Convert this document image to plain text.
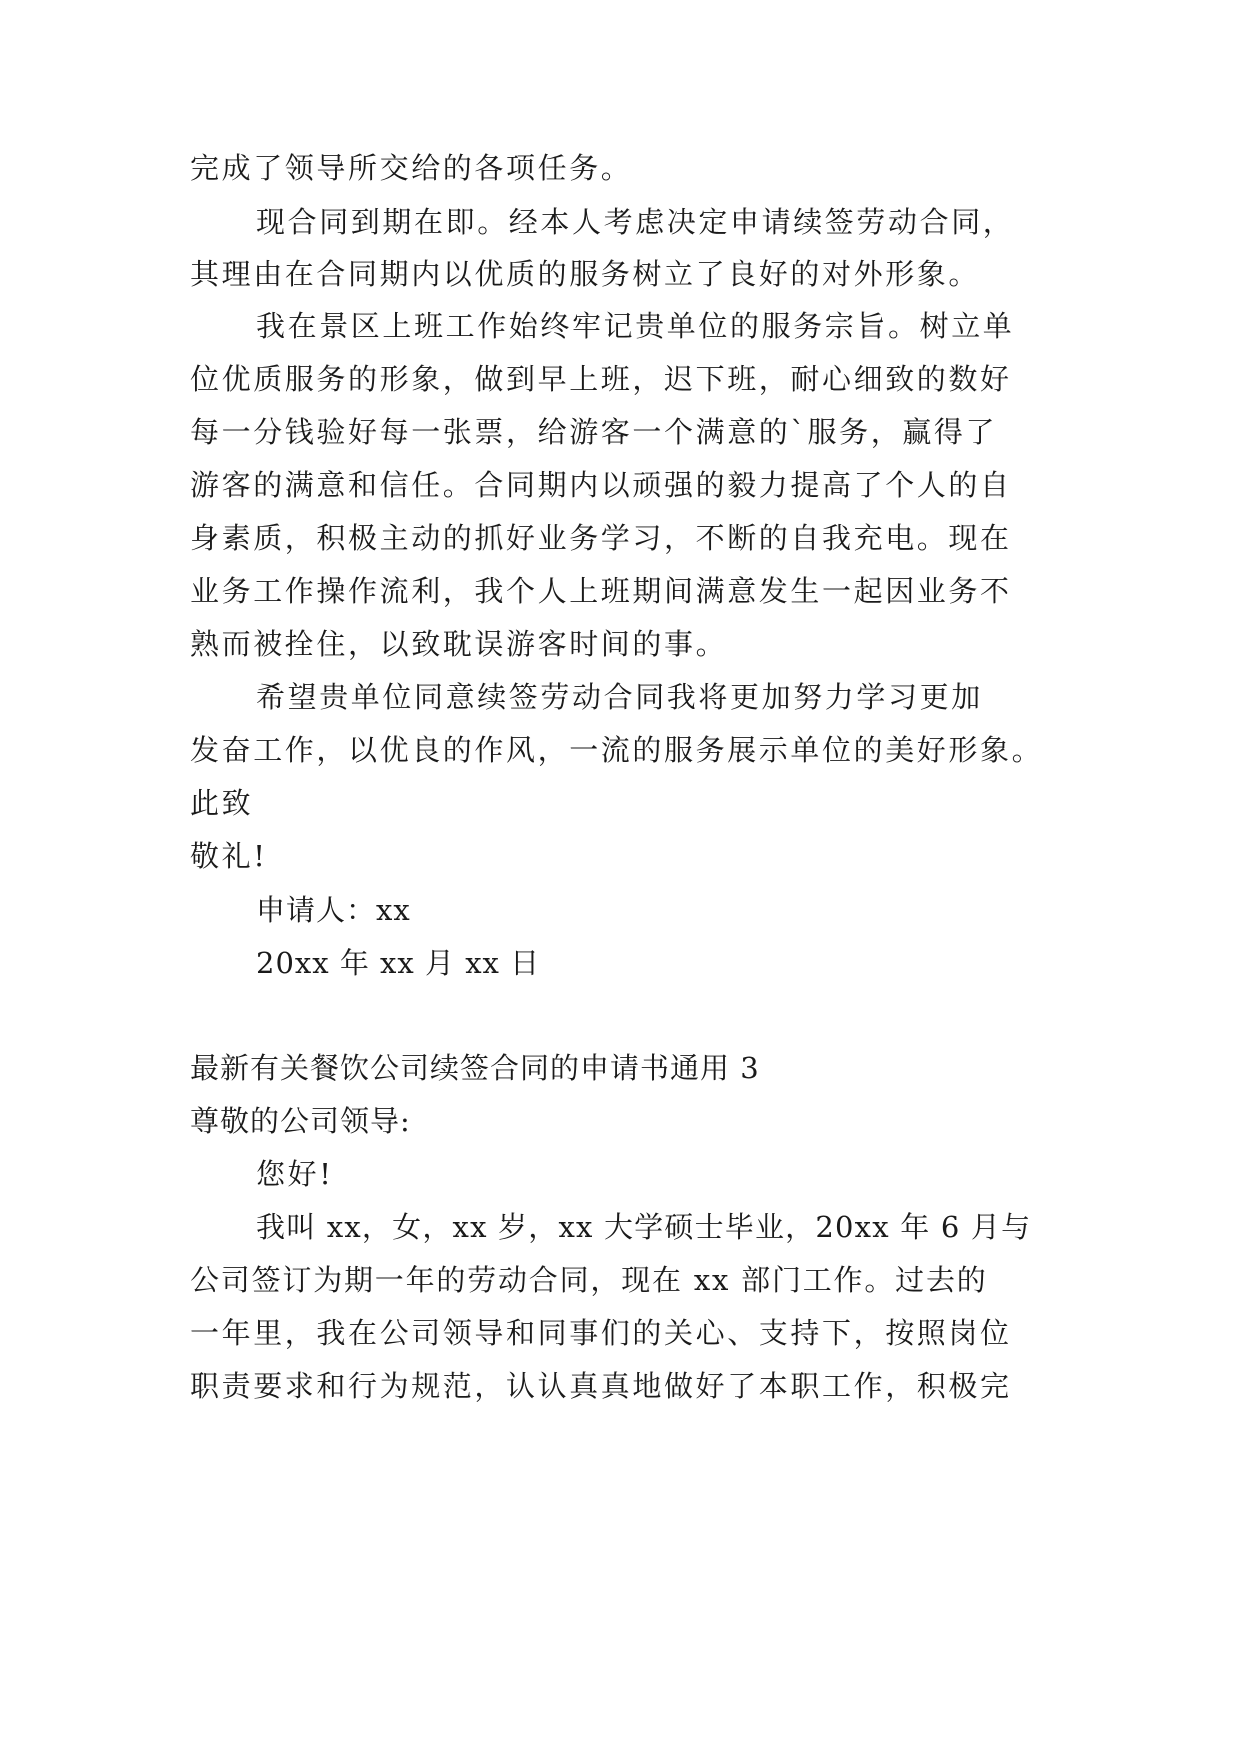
完成了领导所交给的各项任务。
现合同到期在即。经本人考虑决定申请续签劳动合同，
其理由在合同期内以优质的服务树立了良好的对外形象。
我在景区上班工作始终牢记贵单位的服务宗旨。树立单
位优质服务的形象，做到早上班，迟下班，耐心细致的数好
每一分钱验好每一张票，给游客一个满意的`服务，赢得了
游客的满意和信任。合同期内以顽强的毅力提高了个人的自
身素质，积极主动的抓好业务学习，不断的自我充电。现在
业务工作操作流利，我个人上班期间满意发生一起因业务不
熟而被拴住，以致耽误游客时间的事。
希望贵单位同意续签劳动合同我将更加努力学习更加
发奋工作，以优良的作风，一流的服务展示单位的美好形象。
此致
敬礼!
申请人：xx
20xx 年 xx 月 xx 日
最新有关餐饮公司续签合同的申请书通用 3
尊敬的公司领导:
您好!
我叫 xx，女，xx 岁，xx 大学硕士毕业，20xx 年 6 月与
公司签订为期一年的劳动合同，现在 xx 部门工作。过去的
一年里，我在公司领导和同事们的关心、支持下，按照岗位
职责要求和行为规范，认认真真地做好了本职工作，积极完
